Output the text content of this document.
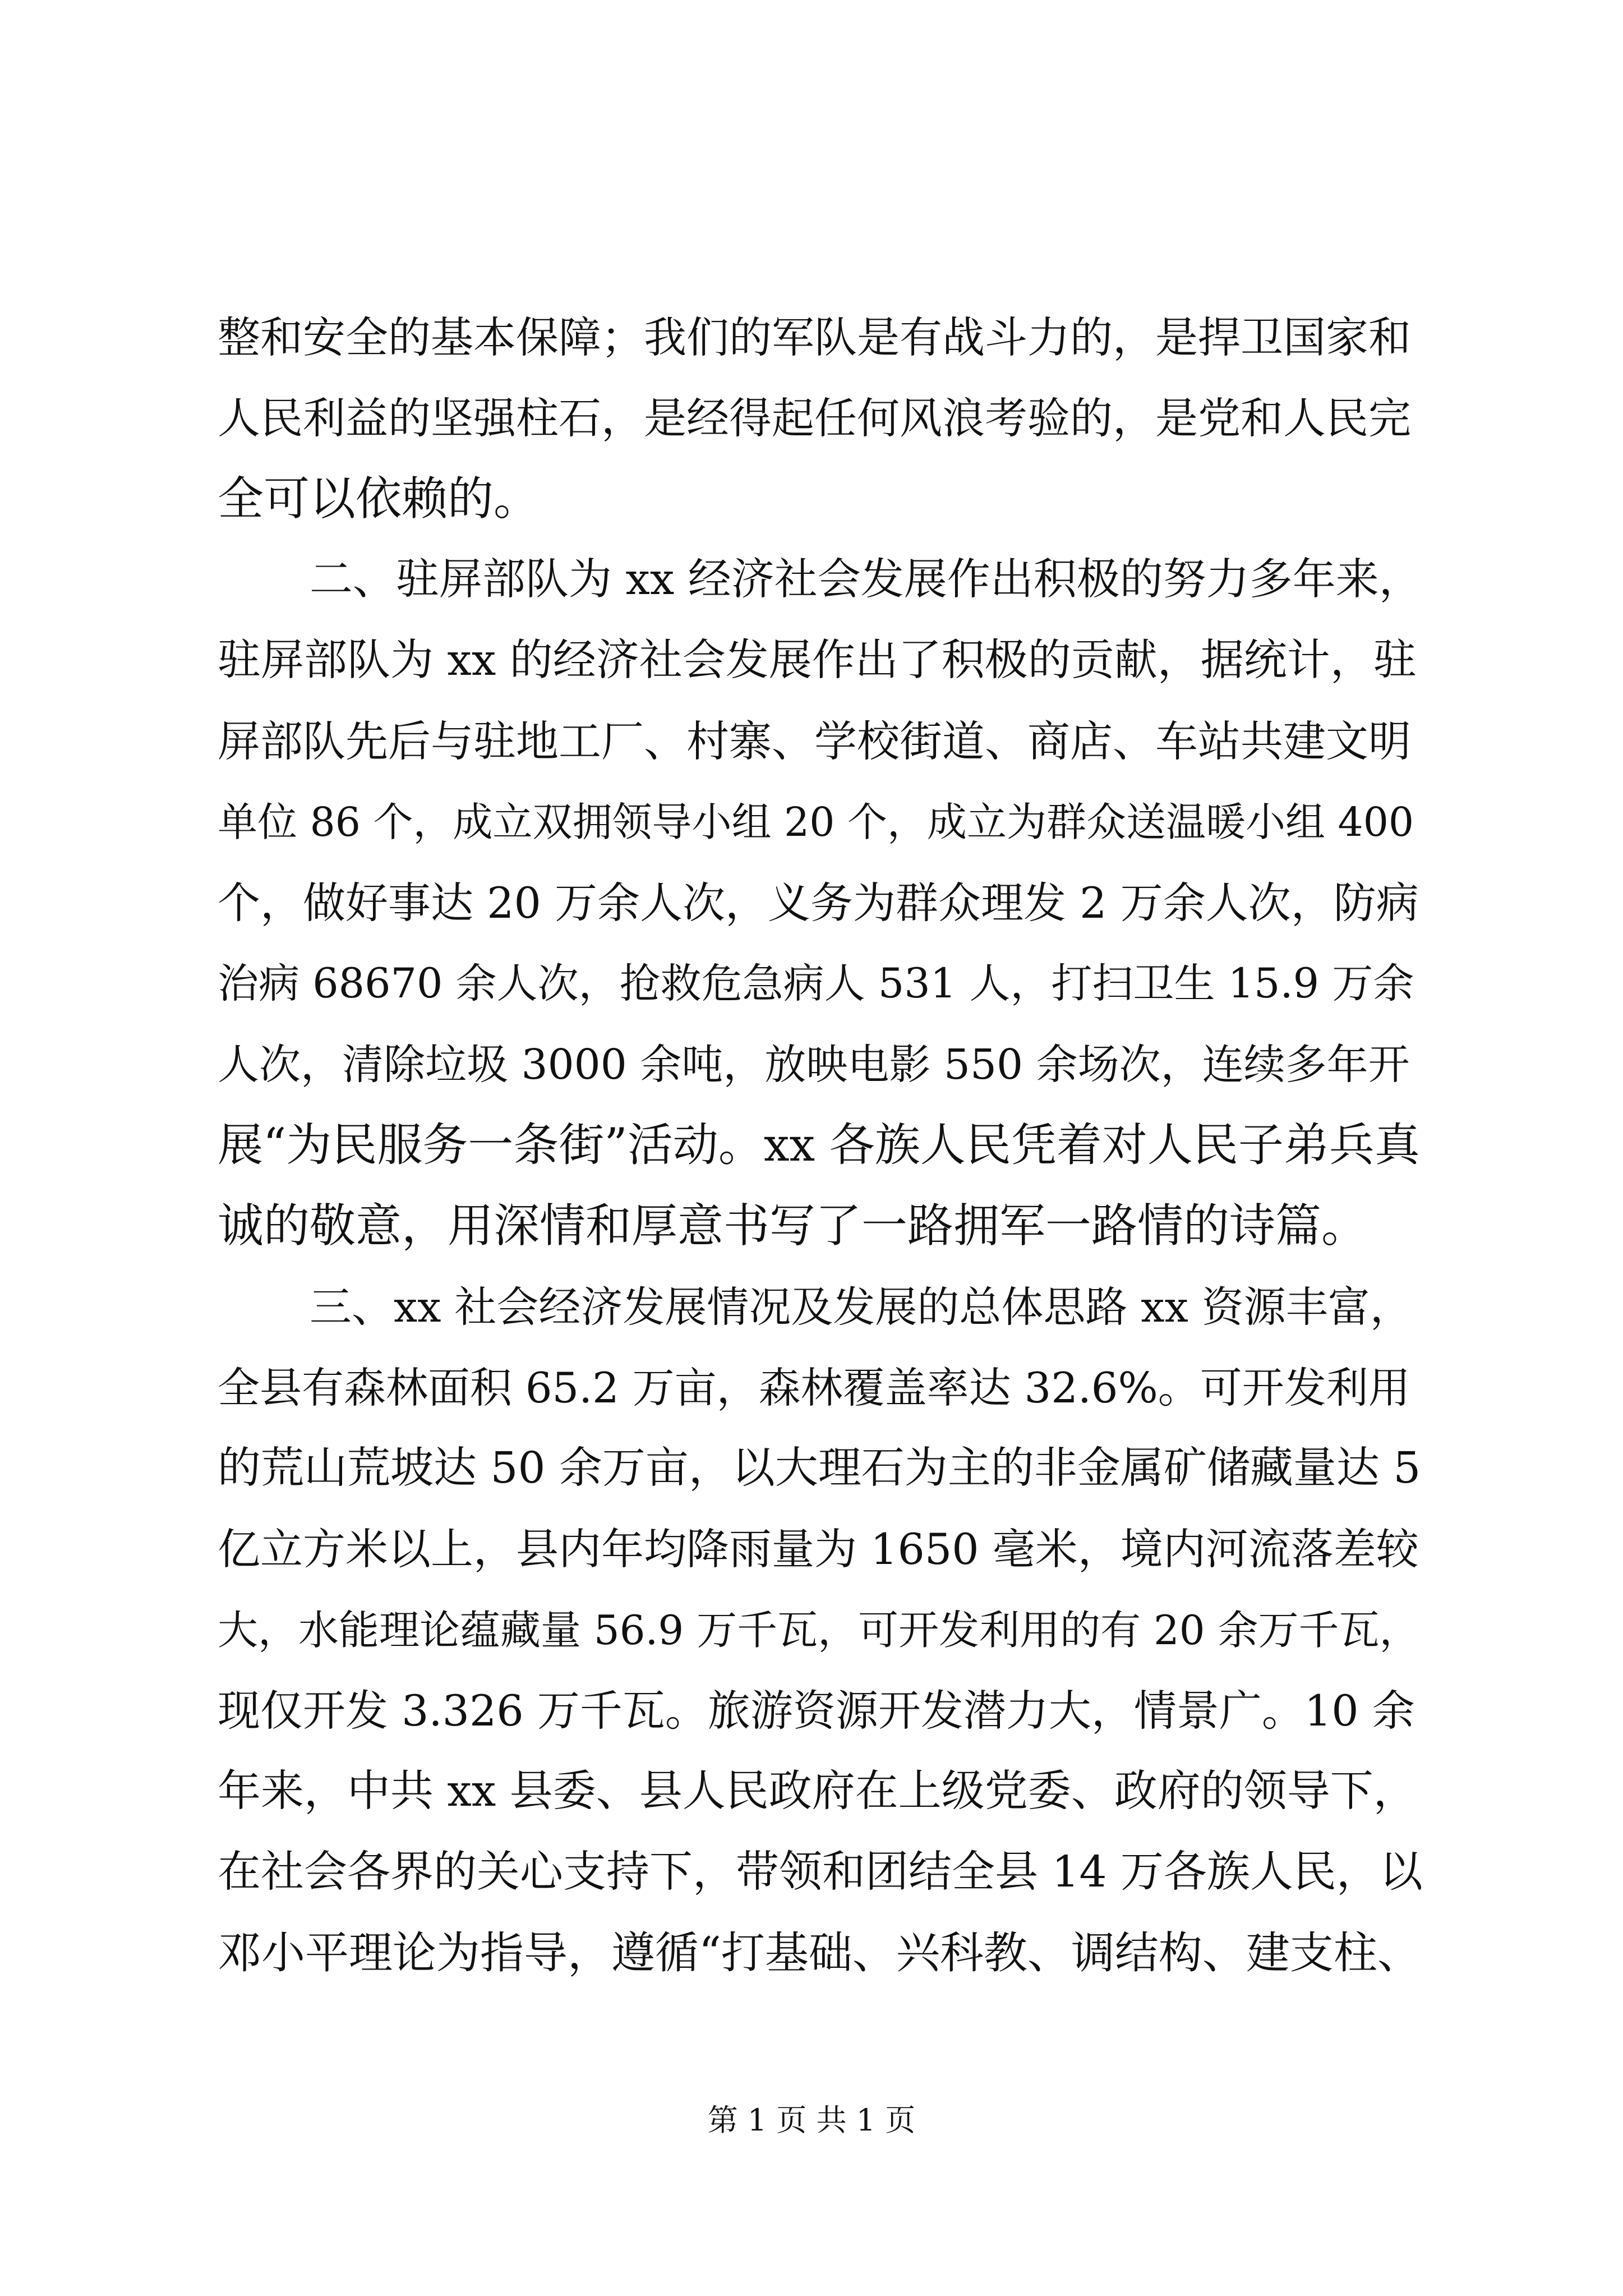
整和安全的基本保障；我们的军队是有战斗力的，是捍卫国家和
人民利益的坚强柱石，是经得起任何风浪考验的，是党和人民完
全可以依赖的。
二、驻屏部队为 xx 经济社会发展作出积极的努力多年来，
驻屏部队为 xx 的经济社会发展作出了积极的贡献，据统计，驻
屏部队先后与驻地工厂、村寨、学校街道、商店、车站共建文明
单位 86 个，成立双拥领导小组 20 个，成立为群众送温暖小组 400
个，做好事达 20 万余人次，义务为群众理发 2 万余人次，防病
治病 68670 余人次，抢救危急病人 531 人，打扫卫生 15.9 万余
人次，清除垃圾 3000 余吨，放映电影 550 余场次，连续多年开
展“为民服务一条街”活动。xx 各族人民凭着对人民子弟兵真
诚的敬意，用深情和厚意书写了一路拥军一路情的诗篇。
三、xx 社会经济发展情况及发展的总体思路 xx 资源丰富，
全县有森林面积 65.2 万亩，森林覆盖率达 32.6%。可开发利用
的荒山荒坡达 50 余万亩，以大理石为主的非金属矿储藏量达 5
亿立方米以上，县内年均降雨量为 1650 毫米，境内河流落差较
大，水能理论蕴藏量 56.9 万千瓦，可开发利用的有 20 余万千瓦，
现仅开发 3.326 万千瓦。旅游资源开发潜力大，情景广。10 余
年来，中共 xx 县委、县人民政府在上级党委、政府的领导下，
在社会各界的关心支持下，带领和团结全县 14 万各族人民，以
邓小平理论为指导，遵循“打基础、兴科教、调结构、建支柱、
第 1 页 共 1 页
